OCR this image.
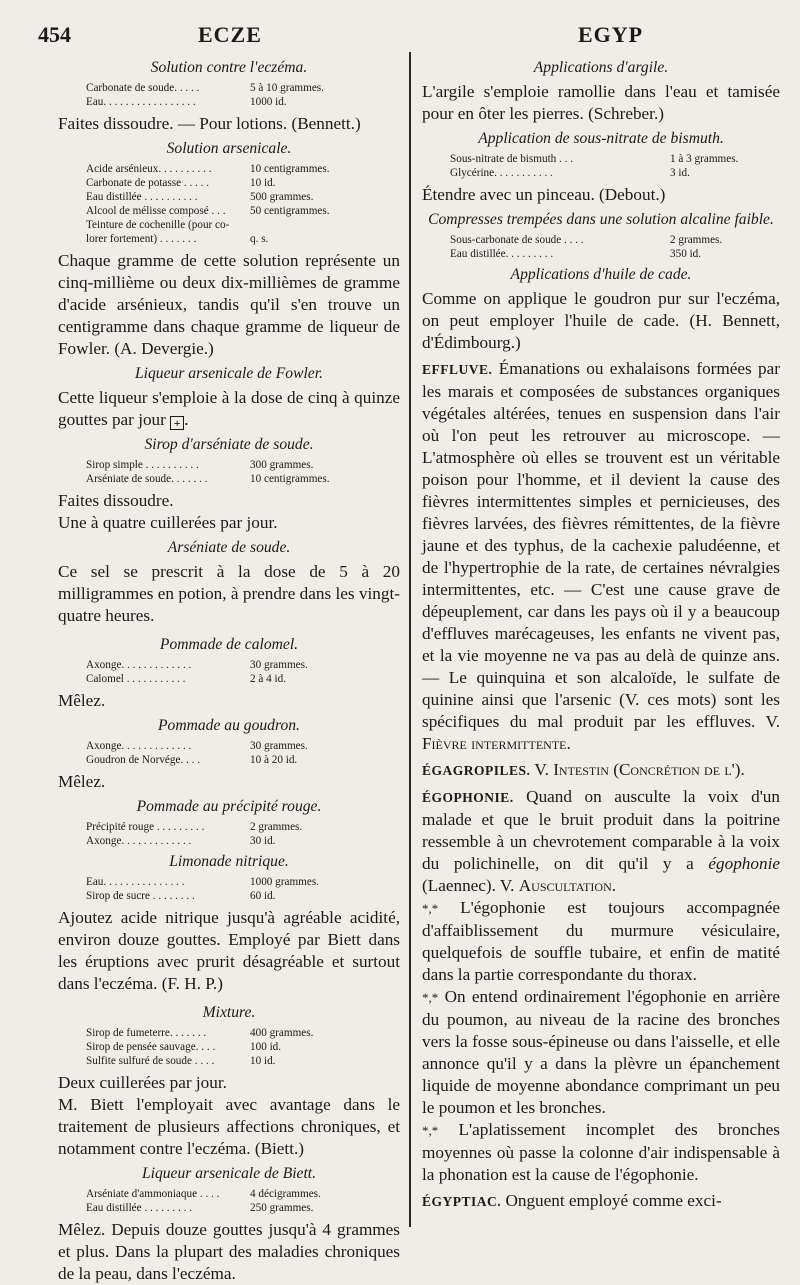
454	ECZE	EGYP
Solution contre l'eczéma.
Carbonate de soude. . . . .	5 à 10 grammes.
Eau. . . . . . . . . . . . . . . . .	1000 id.

Faites dissoudre. — Pour lotions. (Bennett.)

Solution arsenicale.
Acide arsénieux. . . . . . . . . .	10 centigrammes.
Carbonate de potasse . . . . .	10 id.
Eau distillée . . . . . . . . . .	500 grammes.
Alcool de mélisse composé . . .	50 centigrammes.
Teinture de cochenille (pour co-
lorer fortement) . . . . . . .	q. s.

Chaque gramme de cette solution représente un cinq-millième ou deux dix-millièmes de gramme d'acide arsénieux, tandis qu'il s'en trouve un centigramme dans chaque gramme de liqueur de Fowler. (A. Devergie.)

Liqueur arsenicale de Fowler.

Cette liqueur s'emploie à la dose de cinq à quinze gouttes par jour + .

Sirop d'arséniate de soude.
Sirop simple . . . . . . . . . .	300 grammes.
Arséniate de soude. . . . . . .	10 centigrammes.

Faites dissoudre.

Une à quatre cuillerées par jour.

Arséniate de soude.

Ce sel se prescrit à la dose de 5 à 20 milligrammes en potion, à prendre dans les vingt-quatre heures.

Pommade de calomel.
Axonge. . . . . . . . . . . . .	30 grammes.
Calomel . . . . . . . . . . .	2 à 4 id.

Mêlez.

Pommade au goudron.
Axonge. . . . . . . . . . . . .	30 grammes.
Goudron de Norvége. . . .	10 à 20 id.

Mêlez.

Pommade au précipité rouge.
Précipité rouge . . . . . . . . .	2 grammes.
Axonge. . . . . . . . . . . . .	30 id.
Limonade nitrique.
Eau. . . . . . . . . . . . . . .	1000 grammes.
Sirop de sucre . . . . . . . .	60 id.

Ajoutez acide nitrique jusqu'à agréable acidité, environ douze gouttes. Employé par Biett dans les éruptions avec prurit désagréable et surtout dans l'eczéma. (F. H. P.)

Mixture.
Sirop de fumeterre. . . . . . .	400 grammes.
Sirop de pensée sauvage. . . .	100 id.
Sulfite sulfuré de soude . . . .	10 id.

Deux cuillerées par jour.

M. Biett l'employait avec avantage dans le traitement de plusieurs affections chroniques, et notamment contre l'eczéma. (Biett.)

Liqueur arsenicale de Biett.
Arséniate d'ammoniaque . . . .	4 décigrammes.
Eau distillée . . . . . . . . .	250 grammes.

Mêlez. Depuis douze gouttes jusqu'à 4 grammes et plus. Dans la plupart des maladies chroniques de la peau, dans l'eczéma.

Applications d'argile.

L'argile s'emploie ramollie dans l'eau et tamisée pour en ôter les pierres. (Schreber.)

Application de sous-nitrate de bismuth.
Sous-nitrate de bismuth . . .	1 à 3 grammes.
Glycérine. . . . . . . . . . .	3 id.

Étendre avec un pinceau. (Debout.)

Compresses trempées dans une solution alcaline faible.
Sous-carbonate de soude . . . .	2 grammes.
Eau distillée. . . . . . . . .	350 id.
Applications d'huile de cade.

Comme on applique le goudron pur sur l'eczéma, on peut employer l'huile de cade. (H. Bennett, d'Édimbourg.)

EFFLUVE. Émanations ou exhalaisons formées par les marais et composées de substances organiques végétales altérées, tenues en suspension dans l'air où l'on peut les retrouver au microscope. — L'atmosphère où elles se trouvent est un véritable poison pour l'homme, et il devient la cause des fièvres intermittentes simples et pernicieuses, des fièvres larvées, des fièvres rémittentes, de la fièvre jaune et des typhus, de la cachexie paludéenne, et de l'hypertrophie de la rate, de certaines névralgies intermittentes, etc. — C'est une cause grave de dépeuplement, car dans les pays où il y a beaucoup d'effluves marécageuses, les enfants ne vivent pas, et la vie moyenne ne va pas au delà de quinze ans. — Le quinquina et son alcaloïde, le sulfate de quinine ainsi que l'arsenic (V. ces mots) sont les spécifiques du mal produit par les effluves. V. Fièvre intermittente.

ÉGAGROPILES. V. Intestin (Concrétion de l').

ÉGOPHONIE. Quand on ausculte la voix d'un malade et que le bruit produit dans la poitrine ressemble à un chevrotement comparable à la voix du polichinelle, on dit qu'il y a égophonie (Laennec). V. Auscultation.

*,* L'égophonie est toujours accompagnée d'affaiblissement du murmure vésiculaire, quelquefois de souffle tubaire, et enfin de matité dans la partie correspondante du thorax.

*,* On entend ordinairement l'égophonie en arrière du poumon, au niveau de la racine des bronches vers la fosse sous-épineuse ou dans l'aisselle, et elle annonce qu'il y a dans la plèvre un épanchement liquide de moyenne abondance comprimant un peu le poumon et les bronches.

*,* L'aplatissement incomplet des bronches moyennes où passe la colonne d'air indispensable à la phonation est la cause de l'égophonie.

ÉGYPTIAC. Onguent employé comme exci-
